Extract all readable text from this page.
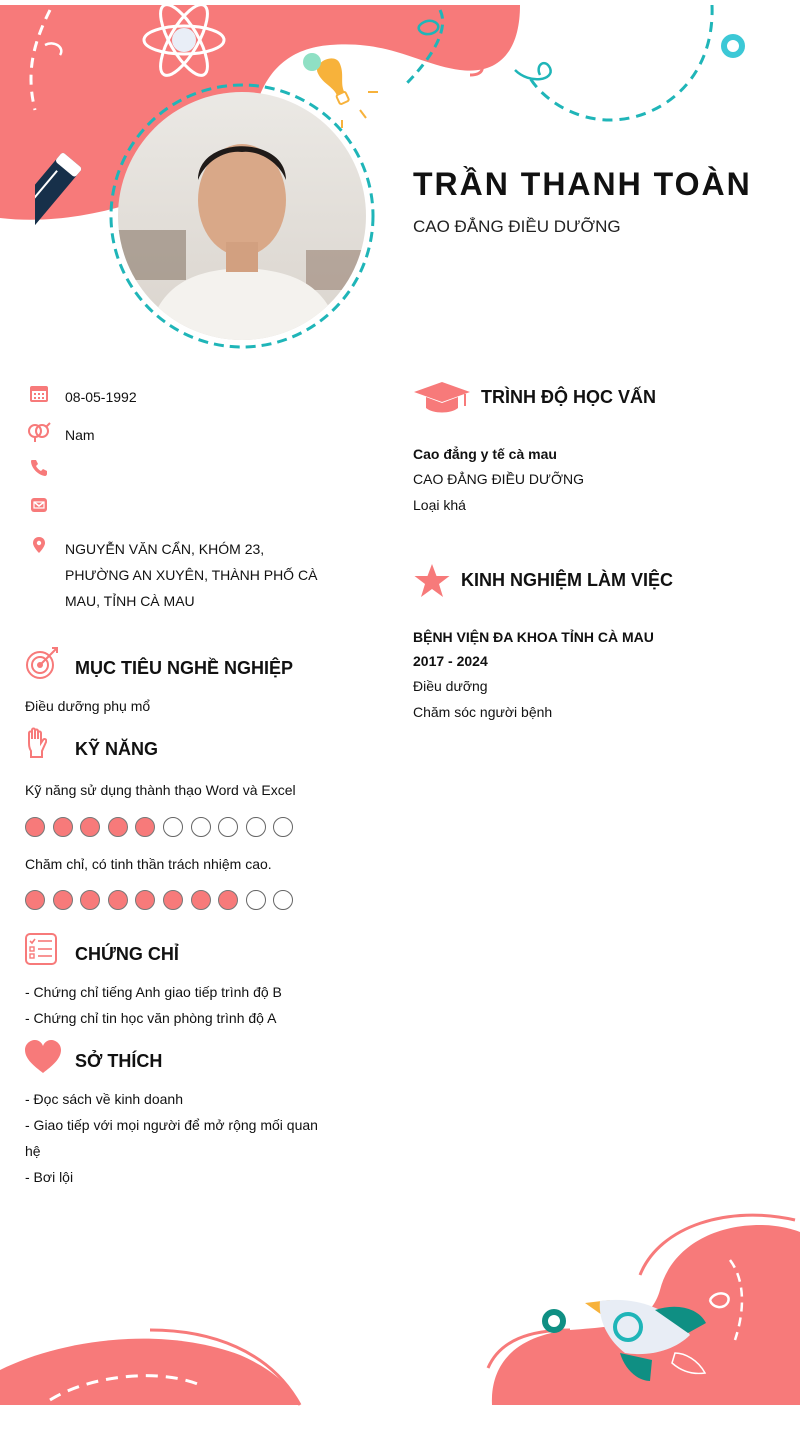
TRẦN THANH TOÀN
CAO ĐẲNG ĐIỀU DƯỠNG
08-05-1992
Nam
NGUYỄN VĂN CẨN, KHÓM 23, PHƯỜNG AN XUYÊN, THÀNH PHỐ CÀ MAU, TỈNH CÀ MAU
MỤC TIÊU NGHỀ NGHIỆP
Điều dưỡng phụ mổ
KỸ NĂNG
Kỹ năng sử dụng thành thạo Word và Excel
Chăm chỉ, có tinh thần trách nhiệm cao.
CHỨNG CHỈ
- Chứng chỉ tiếng Anh giao tiếp trình độ B
- Chứng chỉ tin học văn phòng trình độ A
SỞ THÍCH
- Đọc sách về kinh doanh
- Giao tiếp với mọi người để mở rộng mối quan hệ
- Bơi lội
TRÌNH ĐỘ HỌC VẤN
Cao đẳng y tế cà mau
CAO ĐẲNG ĐIỀU DƯỠNG
Loại khá
KINH NGHIỆM LÀM VIỆC
BỆNH VIỆN ĐA KHOA TỈNH CÀ MAU
2017 - 2024
Điều dưỡng
Chăm sóc người bệnh
